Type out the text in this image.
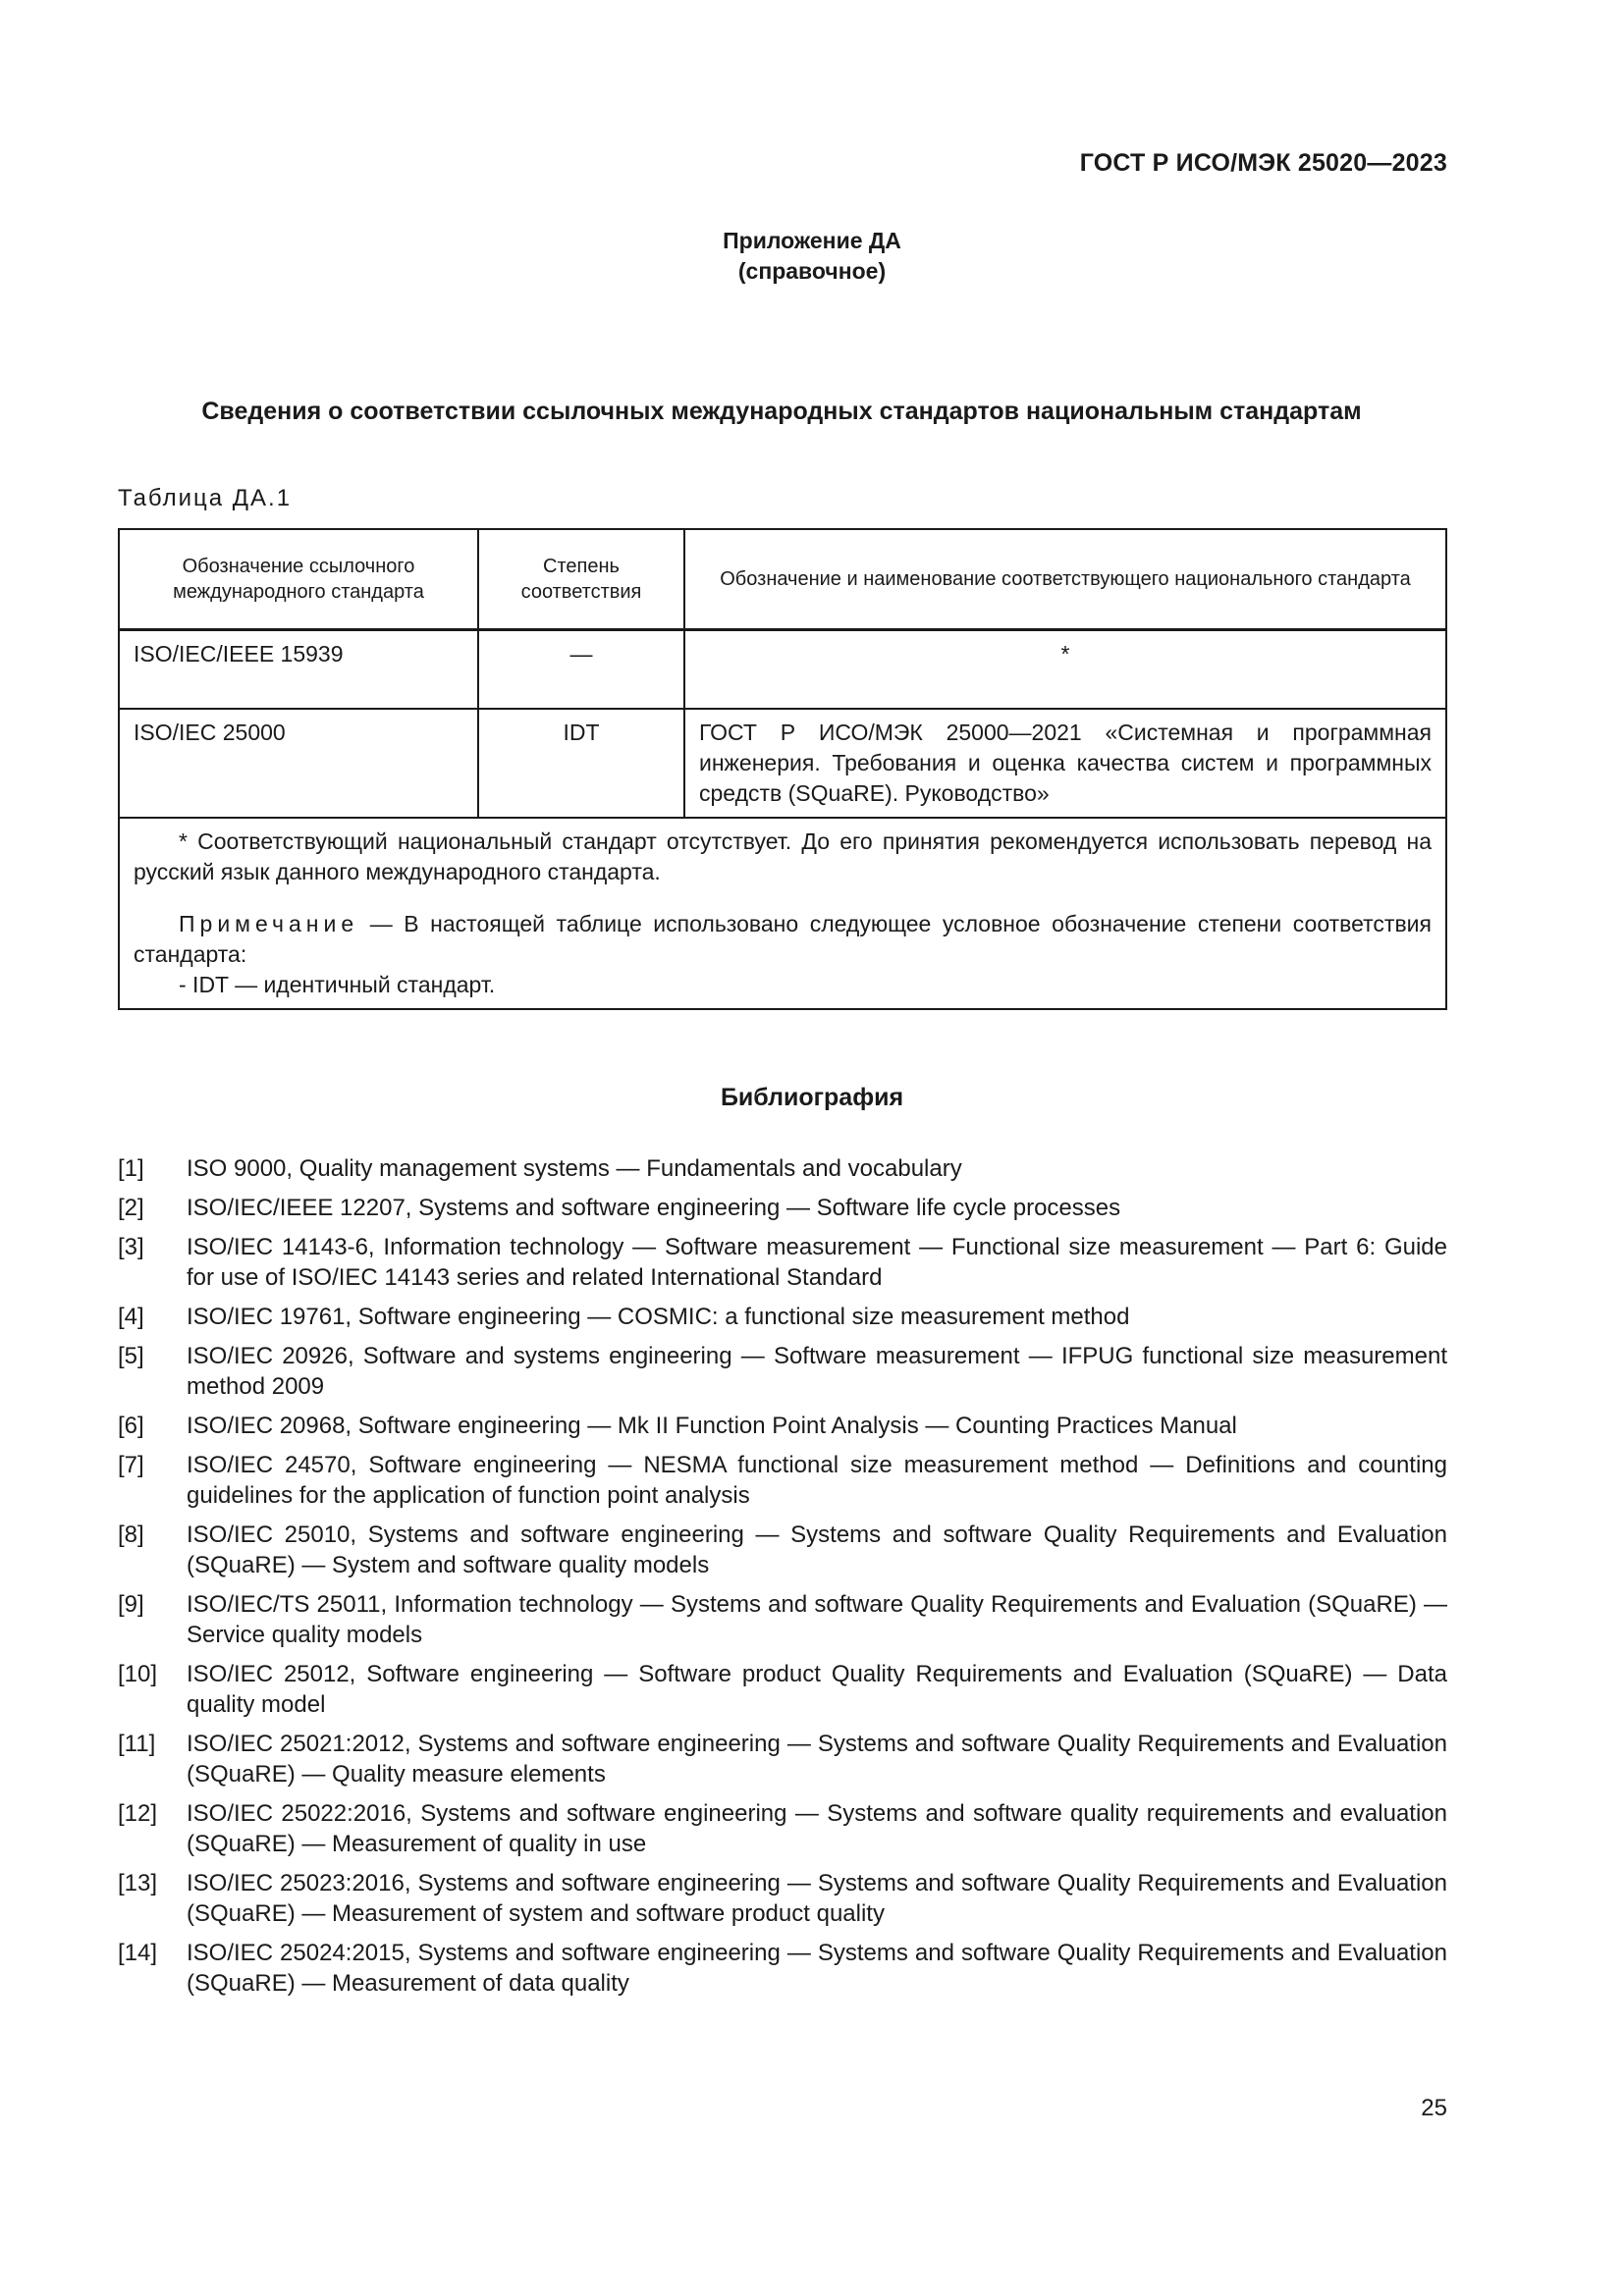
ГОСТ Р ИСО/МЭК 25020—2023
Приложение ДА
(справочное)
Сведения о соответствии ссылочных международных стандартов национальным стандартам
Таблица ДА.1
Обозначение ссылочного международного стандарта	Степень соответствия	Обозначение и наименование соответствующего национального стандарта
ISO/IEC/IEEE 15939	—	*
ISO/IEC 25000	IDT	ГОСТ Р ИСО/МЭК 25000—2021 «Системная и программная инженерия. Требования и оценка качества систем и программных средств (SQuaRE). Руководство»

* Соответствующий национальный стандарт отсутствует. До его принятия рекомендуется использовать перевод на русский язык данного международного стандарта.
Примечание — В настоящей таблице использовано следующее условное обозначение степени соответствия стандарта:
- IDT — идентичный стандарт.		
Библиография
[1]	ISO 9000, Quality management systems — Fundamentals and vocabulary
[2]	ISO/IEC/IEEE 12207, Systems and software engineering — Software life cycle processes
[3]	ISO/IEC 14143-6, Information technology — Software measurement — Functional size measurement — Part 6: Guide for use of ISO/IEC 14143 series and related International Standard
[4]	ISO/IEC 19761, Software engineering — COSMIC: a functional size measurement method
[5]	ISO/IEC 20926, Software and systems engineering — Software measurement — IFPUG functional size measurement method 2009
[6]	ISO/IEC 20968, Software engineering — Mk II Function Point Analysis — Counting Practices Manual
[7]	ISO/IEC 24570, Software engineering — NESMA functional size measurement method — Definitions and counting guidelines for the application of function point analysis
[8]	ISO/IEC 25010, Systems and software engineering — Systems and software Quality Requirements and Evaluation (SQuaRE) — System and software quality models
[9]	ISO/IEC/TS 25011, Information technology — Systems and software Quality Requirements and Evaluation (SQuaRE) — Service quality models
[10]	ISO/IEC 25012, Software engineering — Software product Quality Requirements and Evaluation (SQuaRE) — Data quality model
[11]	ISO/IEC 25021:2012, Systems and software engineering — Systems and software Quality Requirements and Evaluation (SQuaRE) — Quality measure elements
[12]	ISO/IEC 25022:2016, Systems and software engineering — Systems and software quality requirements and evaluation (SQuaRE) — Measurement of quality in use
[13]	ISO/IEC 25023:2016, Systems and software engineering — Systems and software Quality Requirements and Evaluation (SQuaRE) — Measurement of system and software product quality
[14]	ISO/IEC 25024:2015, Systems and software engineering — Systems and software Quality Requirements and Evaluation (SQuaRE) — Measurement of data quality
25
